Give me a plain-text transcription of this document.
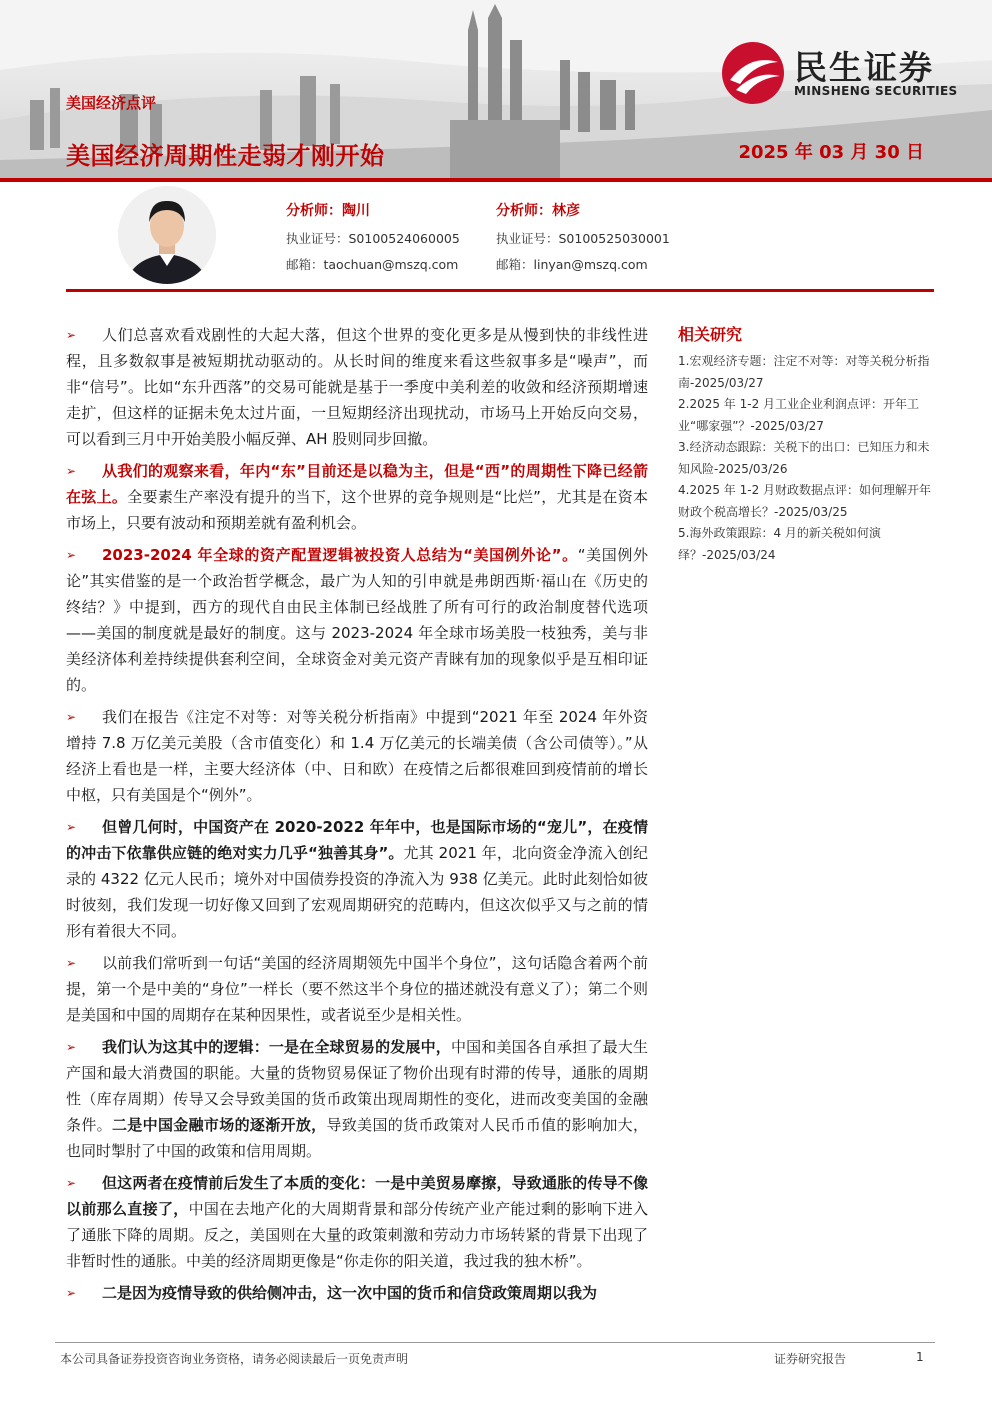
美国经济点评
美国经济周期性走弱才刚开始	2025 年 03 月 30 日
民生证券
MINSHENG SECURITIES
分析师：陶川
执业证号：S0100524060005
邮箱：taochuan@mszq.com
分析师：林彦
执业证号：S0100525030001
邮箱：linyan@mszq.com
➢ 人们总喜欢看戏剧性的大起大落，但这个世界的变化更多是从慢到快的非线性进程，且多数叙事是被短期扰动驱动的。从长时间的维度来看这些叙事多是“噪声”，而非“信号”。比如“东升西落”的交易可能就是基于一季度中美利差的收敛和经济预期增速走扩，但这样的证据未免太过片面，一旦短期经济出现扰动，市场马上开始反向交易，可以看到三月中开始美股小幅反弹、AH 股则同步回撤。
➢ 从我们的观察来看，年内“东”目前还是以稳为主，但是“西”的周期性下降已经箭在弦上。全要素生产率没有提升的当下，这个世界的竞争规则是“比烂”，尤其是在资本市场上，只要有波动和预期差就有盈利机会。
➢ 2023-2024 年全球的资产配置逻辑被投资人总结为“美国例外论”。“美国例外论”其实借鉴的是一个政治哲学概念，最广为人知的引申就是弗朗西斯·福山在《历史的终结？》中提到，西方的现代自由民主体制已经战胜了所有可行的政治制度替代选项——美国的制度就是最好的制度。这与 2023-2024 年全球市场美股一枝独秀，美与非美经济体利差持续提供套利空间，全球资金对美元资产青睐有加的现象似乎是互相印证的。
➢ 我们在报告《注定不对等：对等关税分析指南》中提到“2021 年至 2024 年外资增持 7.8 万亿美元美股（含市值变化）和 1.4 万亿美元的长端美债（含公司债等）。”从经济上看也是一样，主要大经济体（中、日和欧）在疫情之后都很难回到疫情前的增长中枢，只有美国是个“例外”。
➢ 但曾几何时，中国资产在 2020-2022 年年中，也是国际市场的“宠儿”，在疫情的冲击下依靠供应链的绝对实力几乎“独善其身”。尤其 2021 年，北向资金净流入创纪录的 4322 亿元人民币；境外对中国债券投资的净流入为 938 亿美元。此时此刻恰如彼时彼刻，我们发现一切好像又回到了宏观周期研究的范畴内，但这次似乎又与之前的情形有着很大不同。
➢ 以前我们常听到一句话“美国的经济周期领先中国半个身位”，这句话隐含着两个前提，第一个是中美的“身位”一样长（要不然这半个身位的描述就没有意义了）；第二个则是美国和中国的周期存在某种因果性，或者说至少是相关性。
➢ 我们认为这其中的逻辑：一是在全球贸易的发展中，中国和美国各自承担了最大生产国和最大消费国的职能。大量的货物贸易保证了物价出现有时滞的传导，通胀的周期性（库存周期）传导又会导致美国的货币政策出现周期性的变化，进而改变美国的金融条件。二是中国金融市场的逐渐开放，导致美国的货币政策对人民币币值的影响加大，也同时掣肘了中国的政策和信用周期。
➢ 但这两者在疫情前后发生了本质的变化：一是中美贸易摩擦，导致通胀的传导不像以前那么直接了，中国在去地产化的大周期背景和部分传统产业产能过剩的影响下进入了通胀下降的周期。反之，美国则在大量的政策刺激和劳动力市场转紧的背景下出现了非暂时性的通胀。中美的经济周期更像是“你走你的阳关道，我过我的独木桥”。
➢ 二是因为疫情导致的供给侧冲击，这一次中国的货币和信贷政策周期以我为
相关研究
1.宏观经济专题：注定不对等：对等关税分析指南-2025/03/27
2.2025 年 1-2 月工业企业利润点评：开年工业“哪家强”？-2025/03/27
3.经济动态跟踪：关税下的出口：已知压力和未知风险-2025/03/26
4.2025 年 1-2 月财政数据点评：如何理解开年财政个税高增长？-2025/03/25
5.海外政策跟踪：4 月的新关税如何演绎？-2025/03/24
本公司具备证券投资咨询业务资格，请务必阅读最后一页免责声明	证券研究报告	1
